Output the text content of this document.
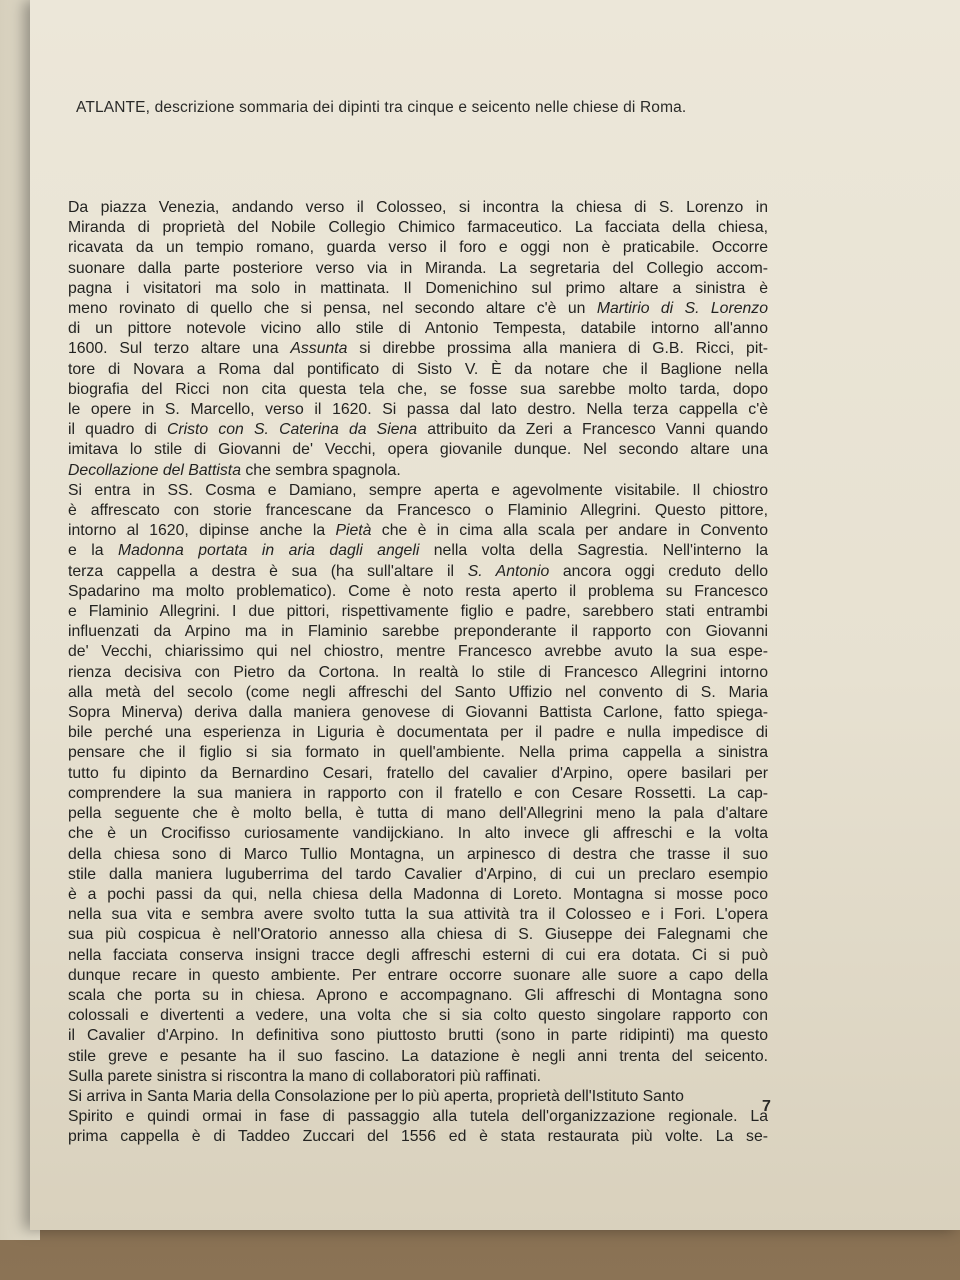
ATLANTE, descrizione sommaria dei dipinti tra cinque e seicento nelle chiese di Roma.
Da piazza Venezia, andando verso il Colosseo, si incontra la chiesa di S. Lorenzo in
Miranda di proprietà del Nobile Collegio Chimico farmaceutico. La facciata della chiesa,
ricavata da un tempio romano, guarda verso il foro e oggi non è praticabile. Occorre
suonare dalla parte posteriore verso via in Miranda. La segretaria del Collegio accom-
pagna i visitatori ma solo in mattinata. Il Domenichino sul primo altare a sinistra è
meno rovinato di quello che si pensa, nel secondo altare c'è un Martirio di S. Lorenzo
di un pittore notevole vicino allo stile di Antonio Tempesta, databile intorno all'anno
1600. Sul terzo altare una Assunta si direbbe prossima alla maniera di G.B. Ricci, pit-
tore di Novara a Roma dal pontificato di Sisto V. È da notare che il Baglione nella
biografia del Ricci non cita questa tela che, se fosse sua sarebbe molto tarda, dopo
le opere in S. Marcello, verso il 1620. Si passa dal lato destro. Nella terza cappella c'è
il quadro di Cristo con S. Caterina da Siena attribuito da Zeri a Francesco Vanni quando
imitava lo stile di Giovanni de' Vecchi, opera giovanile dunque. Nel secondo altare una
Decollazione del Battista che sembra spagnola.
Si entra in SS. Cosma e Damiano, sempre aperta e agevolmente visitabile. Il chiostro
è affrescato con storie francescane da Francesco o Flaminio Allegrini. Questo pittore,
intorno al 1620, dipinse anche la Pietà che è in cima alla scala per andare in Convento
e la Madonna portata in aria dagli angeli nella volta della Sagrestia. Nell'interno la
terza cappella a destra è sua (ha sull'altare il S. Antonio ancora oggi creduto dello
Spadarino ma molto problematico). Come è noto resta aperto il problema su Francesco
e Flaminio Allegrini. I due pittori, rispettivamente figlio e padre, sarebbero stati entrambi
influenzati da Arpino ma in Flaminio sarebbe preponderante il rapporto con Giovanni
de' Vecchi, chiarissimo qui nel chiostro, mentre Francesco avrebbe avuto la sua espe-
rienza decisiva con Pietro da Cortona. In realtà lo stile di Francesco Allegrini intorno
alla metà del secolo (come negli affreschi del Santo Uffizio nel convento di S. Maria
Sopra Minerva) deriva dalla maniera genovese di Giovanni Battista Carlone, fatto spiega-
bile perché una esperienza in Liguria è documentata per il padre e nulla impedisce di
pensare che il figlio si sia formato in quell'ambiente. Nella prima cappella a sinistra
tutto fu dipinto da Bernardino Cesari, fratello del cavalier d'Arpino, opere basilari per
comprendere la sua maniera in rapporto con il fratello e con Cesare Rossetti. La cap-
pella seguente che è molto bella, è tutta di mano dell'Allegrini meno la pala d'altare
che è un Crocifisso curiosamente vandijckiano. In alto invece gli affreschi e la volta
della chiesa sono di Marco Tullio Montagna, un arpinesco di destra che trasse il suo
stile dalla maniera luguberrima del tardo Cavalier d'Arpino, di cui un preclaro esempio
è a pochi passi da qui, nella chiesa della Madonna di Loreto. Montagna si mosse poco
nella sua vita e sembra avere svolto tutta la sua attività tra il Colosseo e i Fori. L'opera
sua più cospicua è nell'Oratorio annesso alla chiesa di S. Giuseppe dei Falegnami che
nella facciata conserva insigni tracce degli affreschi esterni di cui era dotata. Ci si può
dunque recare in questo ambiente. Per entrare occorre suonare alle suore a capo della
scala che porta su in chiesa. Aprono e accompagnano. Gli affreschi di Montagna sono
colossali e divertenti a vedere, una volta che si sia colto questo singolare rapporto con
il Cavalier d'Arpino. In definitiva sono piuttosto brutti (sono in parte ridipinti) ma questo
stile greve e pesante ha il suo fascino. La datazione è negli anni trenta del seicento.
Sulla parete sinistra si riscontra la mano di collaboratori più raffinati.
Si arriva in Santa Maria della Consolazione per lo più aperta, proprietà dell'Istituto Santo
Spirito e quindi ormai in fase di passaggio alla tutela dell'organizzazione regionale. La
prima cappella è di Taddeo Zuccari del 1556 ed è stata restaurata più volte. La se-
7
